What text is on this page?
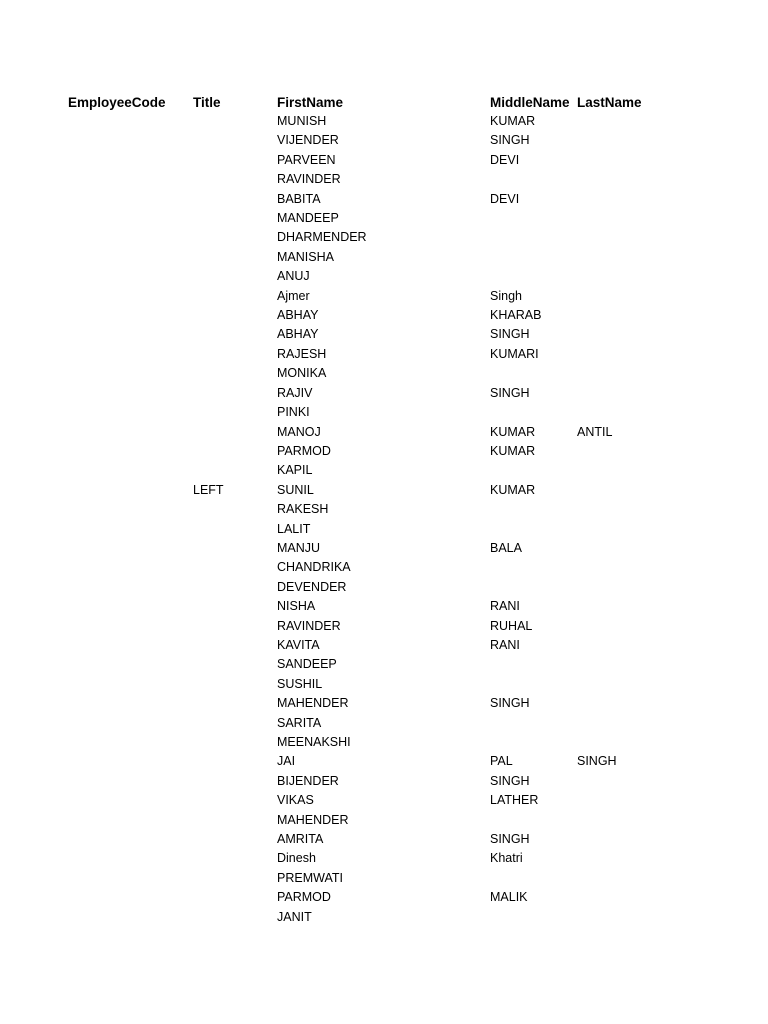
EmployeeCode	Title	FirstName	MiddleName	LastName
		MUNISH	KUMAR	
		VIJENDER	SINGH	
		PARVEEN	DEVI	
		RAVINDER		
		BABITA	DEVI	
		MANDEEP		
		DHARMENDER		
		MANISHA		
		ANUJ		
		Ajmer	Singh	
		ABHAY	KHARAB	
		ABHAY	SINGH	
		RAJESH	KUMARI	
		MONIKA		
		RAJIV	SINGH	
		PINKI		
		MANOJ	KUMAR	ANTIL
		PARMOD	KUMAR	
		KAPIL		
	LEFT	SUNIL	KUMAR	
		RAKESH		
		LALIT		
		MANJU	BALA	
		CHANDRIKA		
		DEVENDER		
		NISHA	RANI	
		RAVINDER	RUHAL	
		KAVITA	RANI	
		SANDEEP		
		SUSHIL		
		MAHENDER	SINGH	
		SARITA		
		MEENAKSHI		
		JAI	PAL	SINGH
		BIJENDER	SINGH	
		VIKAS	LATHER	
		MAHENDER		
		AMRITA	SINGH	
		Dinesh	Khatri	
		PREMWATI		
		PARMOD	MALIK	
		JANIT		
